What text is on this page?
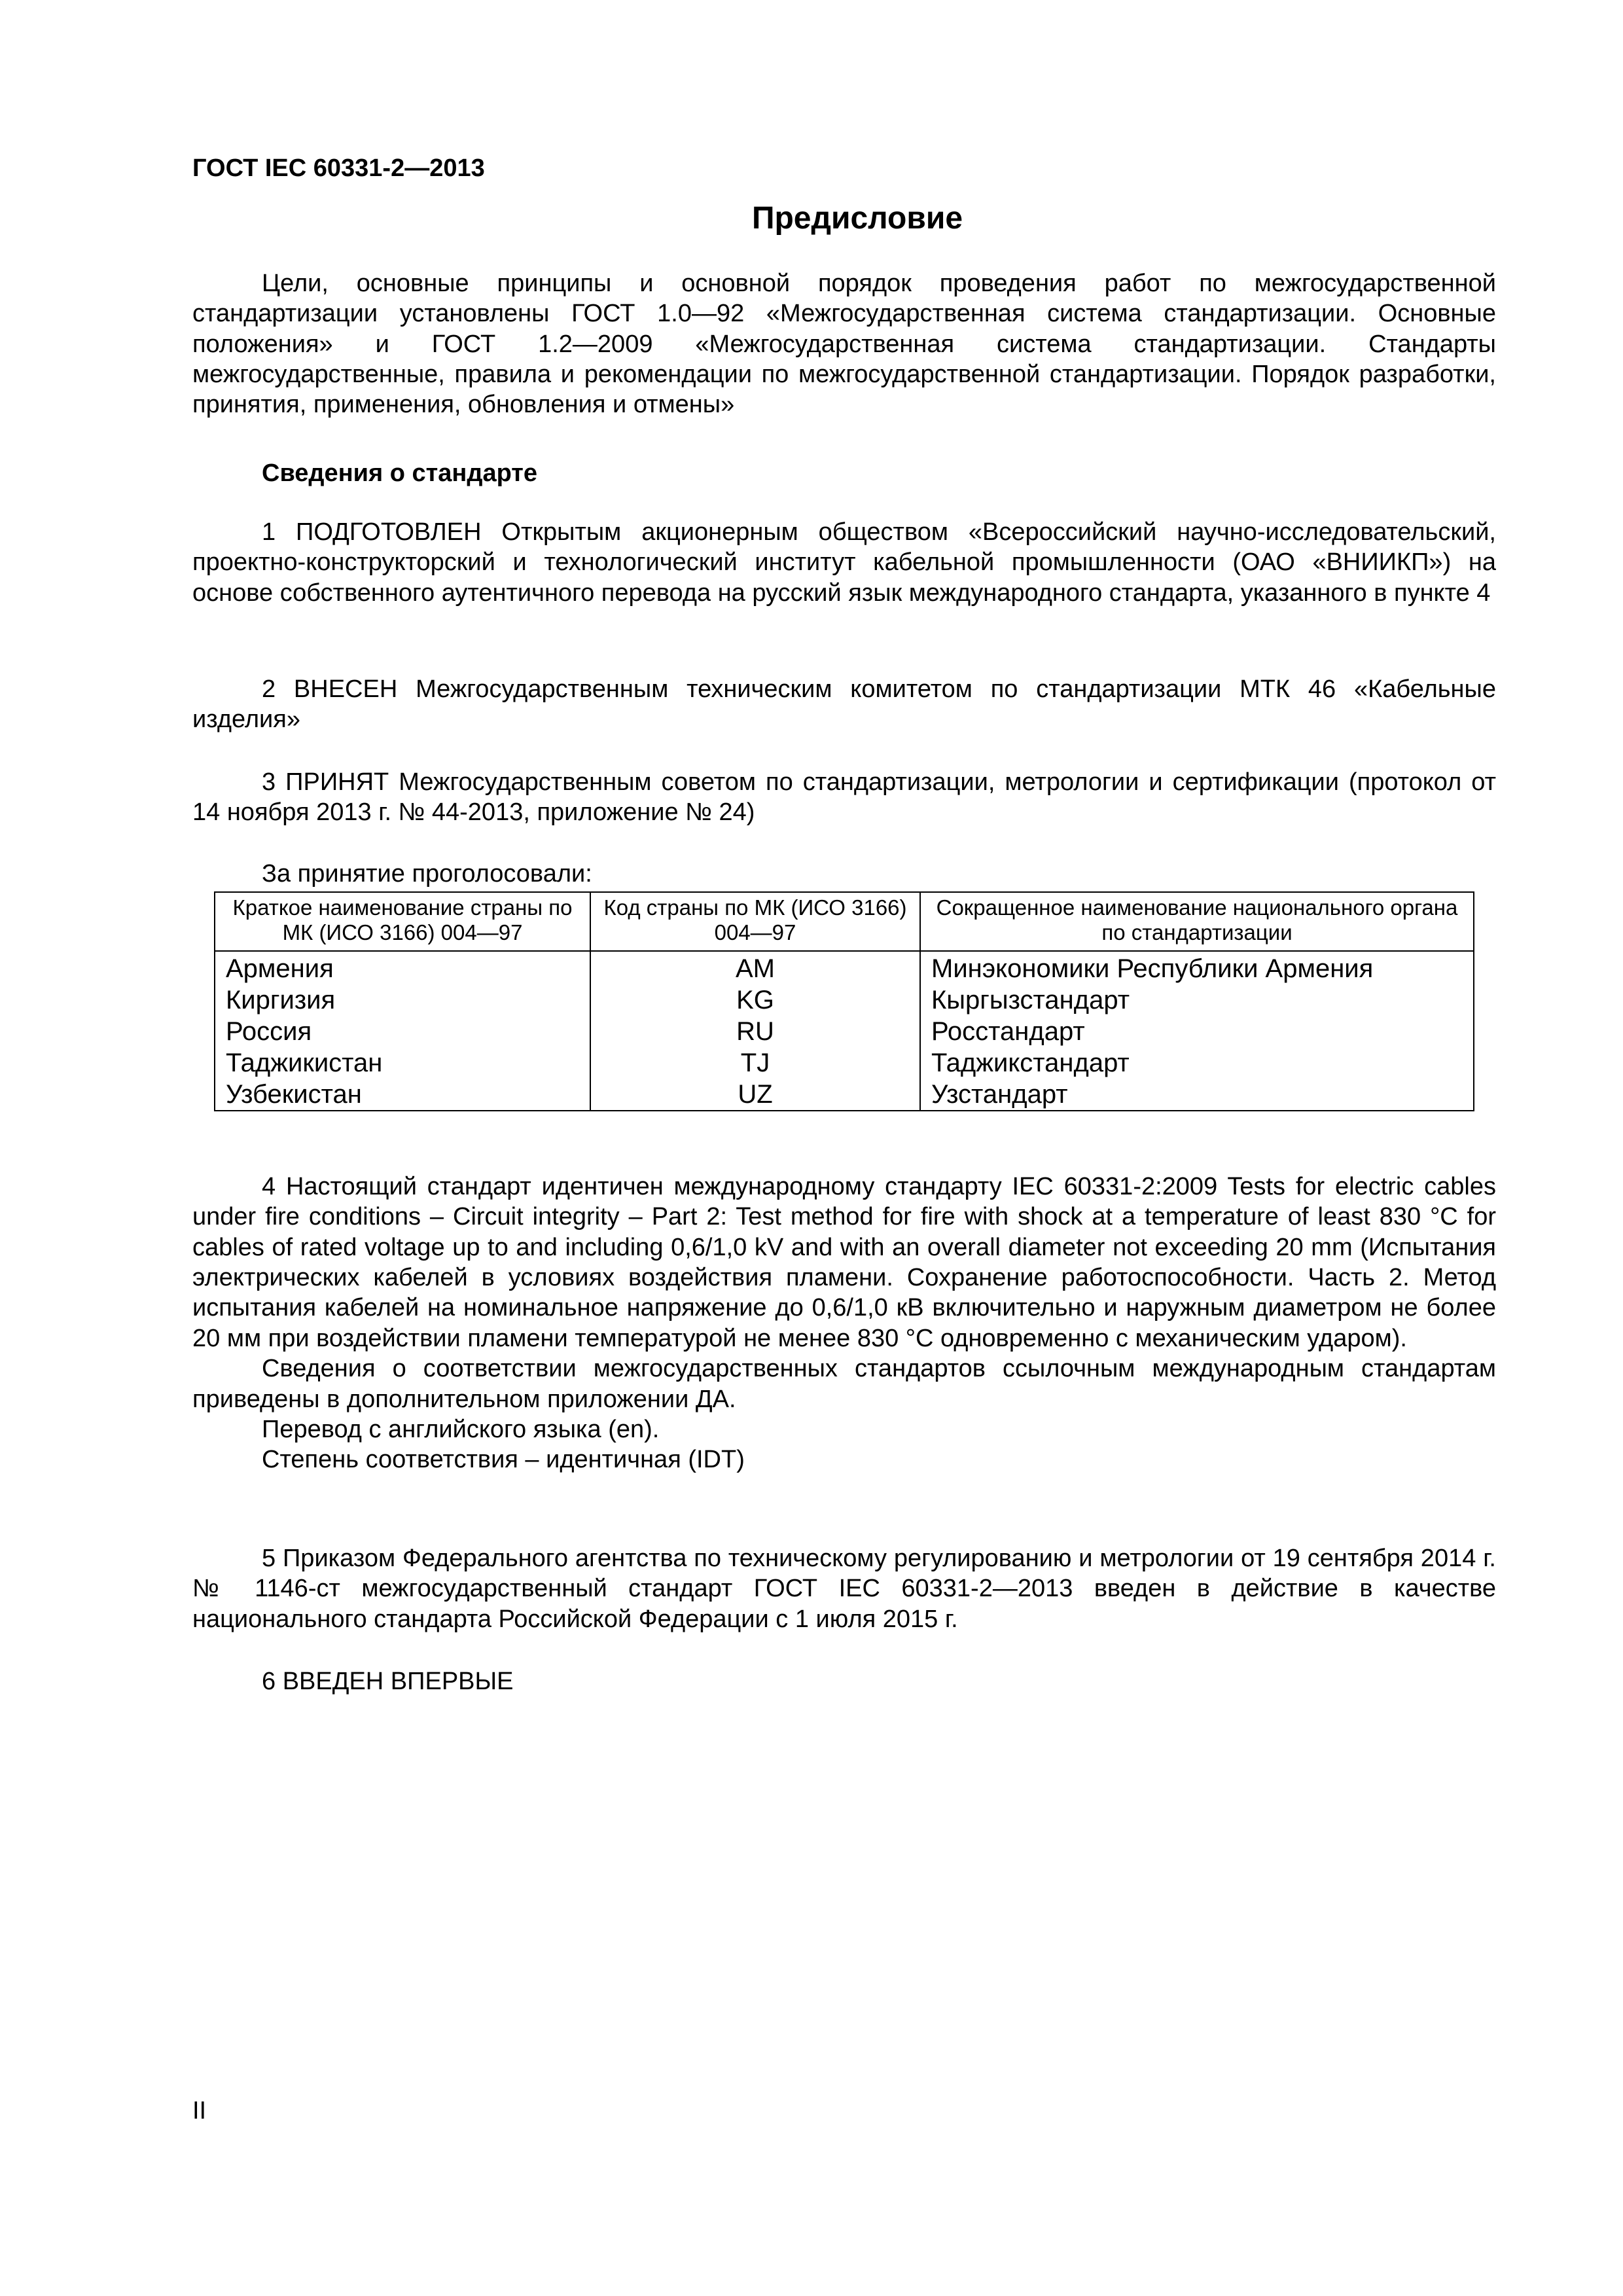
ГОСТ IEC 60331-2—2013
Предисловие

Цели, основные принципы и основной порядок проведения работ по межгосударственной стандартизации установлены ГОСТ 1.0—92 «Межгосударственная система стандартизации. Основные положения» и ГОСТ 1.2—2009 «Межгосударственная система стандартизации. Стандарты межгосударственные, правила и рекомендации по межгосударственной стандартизации. Порядок разработки, принятия, применения, обновления и отмены»

Сведения о стандарте

1 ПОДГОТОВЛЕН Открытым акционерным обществом «Всероссийский научно-исследовательский, проектно-конструкторский и технологический институт кабельной промышленности (ОАО «ВНИИКП») на основе собственного аутентичного перевода на русский язык международного стандарта, указанного в пункте 4

2 ВНЕСЕН Межгосударственным техническим комитетом по стандартизации МТК 46 «Кабельные изделия»

3 ПРИНЯТ Межгосударственным советом по стандартизации, метрологии и сертификации (протокол от 14 ноября 2013 г. № 44-2013, приложение № 24)

За принятие проголосовали:
Краткое наименование страны по МК (ИСО 3166) 004—97	Код страны по МК (ИСО 3166) 004—97	Сокращенное наименование национального органа по стандартизации
Армения	AM	Минэкономики Республики Армения
Киргизия	KG	Кыргызстандарт
Россия	RU	Росстандарт
Таджикистан	TJ	Таджикстандарт
Узбекистан	UZ	Узстандарт

4 Настоящий стандарт идентичен международному стандарту IEC 60331-2:2009 Tests for electric cables under fire conditions – Circuit integrity – Part 2: Test method for fire with shock at a temperature of least 830 °C for cables of rated voltage up to and including 0,6/1,0 kV and with an overall diameter not exceeding 20 mm (Испытания электрических кабелей в условиях воздействия пламени. Сохранение работоспособности. Часть 2. Метод испытания кабелей на номинальное напряжение до 0,6/1,0 кВ включительно и наружным диаметром не более 20 мм при воздействии пламени температурой не менее 830 °С одновременно с механическим ударом).

Сведения о соответствии межгосударственных стандартов ссылочным международным стандартам приведены в дополнительном приложении ДА.

Перевод с английского языка (en).

Степень соответствия – идентичная (IDT)

5 Приказом Федерального агентства по техническому регулированию и метрологии от 19 сентября 2014 г. № 1146-ст межгосударственный стандарт ГОСТ IEC 60331-2—2013 введен в действие в качестве национального стандарта Российской Федерации с 1 июля 2015 г.

6 ВВЕДЕН ВПЕРВЫЕ

II
